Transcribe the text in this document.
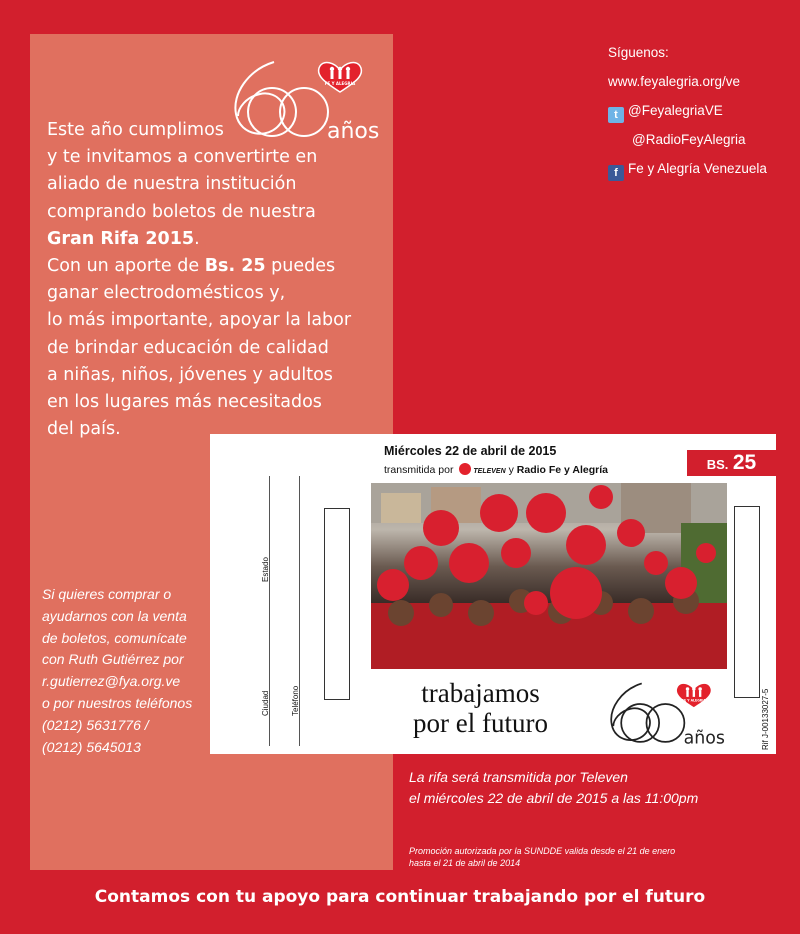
años
FE Y ALEGRIA
Este año cumplimos
y te invitamos a convertirte en
aliado de nuestra institución
comprando boletos de nuestra
Gran Rifa 2015.
Con un aporte de Bs. 25 puedes
ganar electrodomésticos y,
lo más importante, apoyar la labor
de brindar educación de calidad
a niñas, niños, jóvenes y adultos
en los lugares más necesitados
del país.
Si quieres comprar o
ayudarnos con la venta
de boletos, comunícate
con Ruth Gutiérrez por
r.gutierrez@fya.org.ve
o por nuestros teléfonos
(0212) 5631776 /
(0212) 5645013
Síguenos:
www.feyalegria.org/ve
t @FeyalegriaVE
@RadioFeyAlegria
f Fe y Alegría Venezuela
Miércoles 22 de abril de 2015
transmitida por	TELEVEN y Radio Fe y Alegría	BS. 25
Estado
Ciudad	Teléfono	trabajamos
por el futuro
años
FE Y ALEGRIA	Rif J-00133027-5
La rifa será transmitida por Televen
el miércoles 22 de abril de 2015 a las 11:00pm
Promoción autorizada por la SUNDDE valida desde el 21 de enero
hasta el 21 de abril de 2014
Contamos con tu apoyo para continuar trabajando por el futuro
